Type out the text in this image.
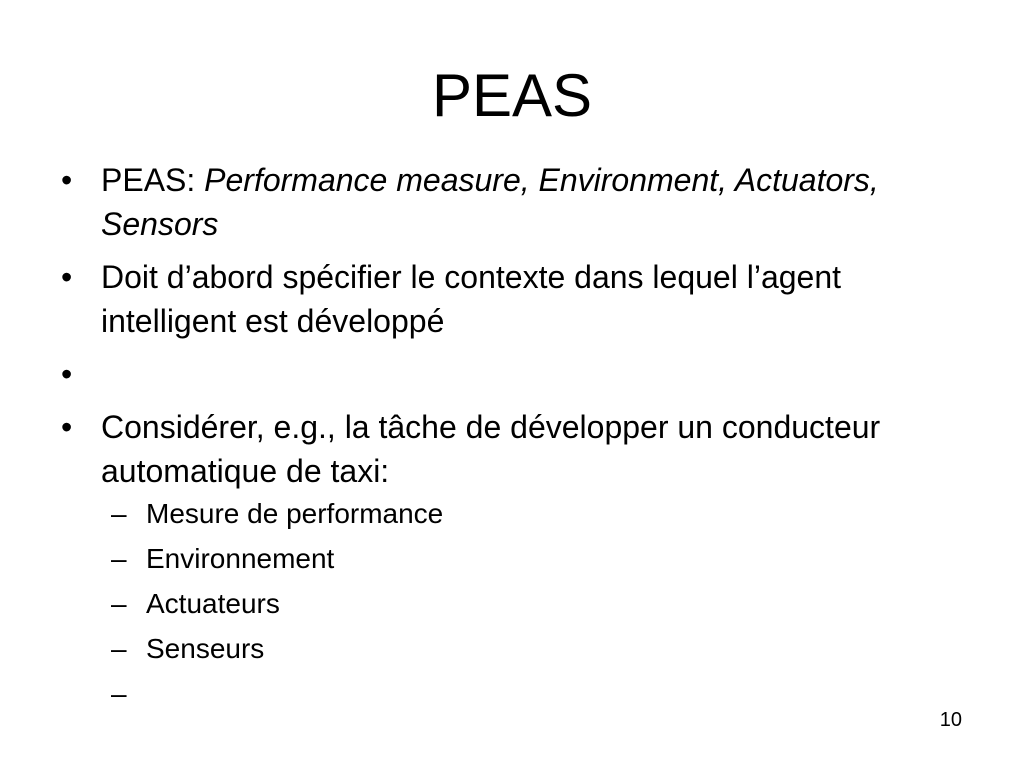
PEAS
• PEAS: Performance measure, Environment, Actuators, Sensors
• Doit d’abord spécifier le contexte dans lequel l’agent intelligent est développé
•
• Considérer, e.g., la tâche de développer un conducteur automatique de taxi:
– Mesure de performance
– Environnement
– Actuateurs
– Senseurs
–
10
